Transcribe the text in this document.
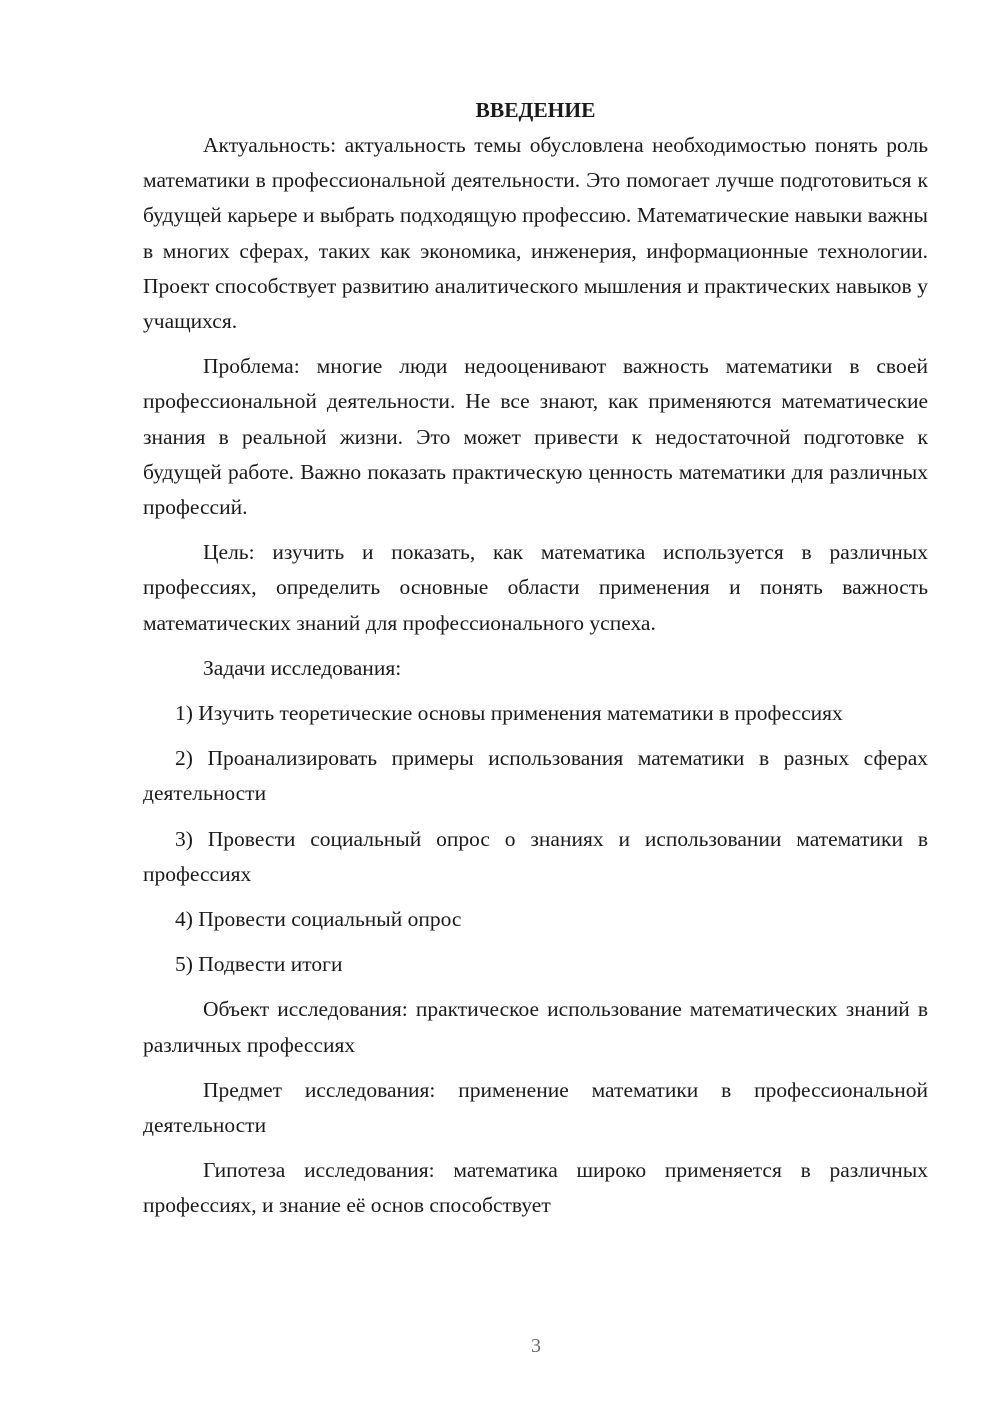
ВВЕДЕНИЕ

Актуальность: актуальность темы обусловлена необходимостью понять роль математики в профессиональной деятельности. Это помогает лучше подготовиться к будущей карьере и выбрать подходящую профессию. Математические навыки важны в многих сферах, таких как экономика, инженерия, информационные технологии. Проект способствует развитию аналитического мышления и практических навыков у учащихся.

Проблема: многие люди недооценивают важность математики в своей профессиональной деятельности. Не все знают, как применяются математические знания в реальной жизни. Это может привести к недостаточной подготовке к будущей работе. Важно показать практическую ценность математики для различных профессий.

Цель: изучить и показать, как математика используется в различных профессиях, определить основные области применения и понять важность математических знаний для профессионального успеха.

Задачи исследования:

1) Изучить теоретические основы применения математики в профессиях

2) Проанализировать примеры использования математики в разных сферах деятельности

3) Провести социальный опрос о знаниях и использовании математики в профессиях

4) Провести социальный опрос

5) Подвести итоги

Объект исследования: практическое использование математических знаний в различных профессиях

Предмет исследования: применение математики в профессиональной деятельности

Гипотеза исследования: математика широко применяется в различных профессиях, и знание её основ способствует

3
